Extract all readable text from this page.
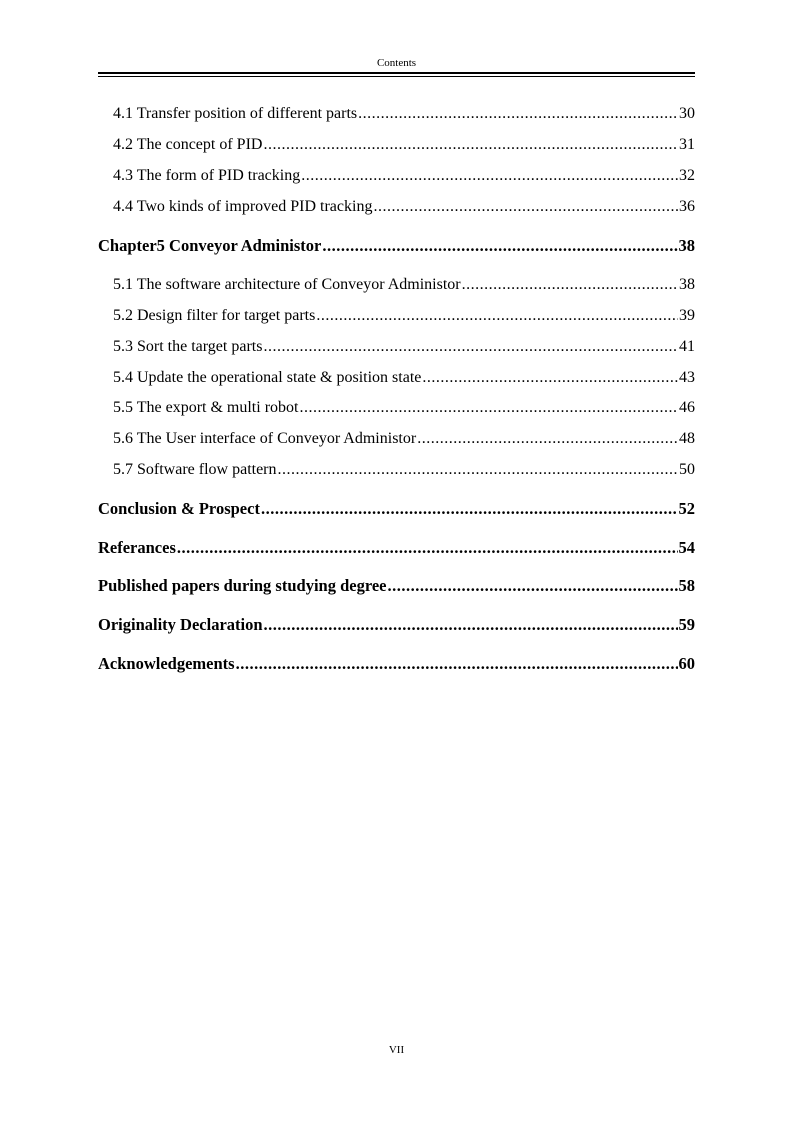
Contents
4.1 Transfer position of different parts .....	30
4.2 The concept of PID .....	31
4.3 The form of PID tracking .....	32
4.4 Two kinds of improved PID tracking .....	36
Chapter5 Conveyor Administor .....	38
5.1 The software architecture of Conveyor Administor .....	38
5.2 Design filter for target parts .....	39
5.3 Sort the target parts .....	41
5.4 Update the operational state & position state .....	43
5.5 The export & multi robot .....	46
5.6 The User interface of Conveyor Administor .....	48
5.7 Software flow pattern .....	50
Conclusion & Prospect .....	52
Referances .....	54
Published papers during studying degree .....	58
Originality Declaration .....	59
Acknowledgements .....	60
VII
